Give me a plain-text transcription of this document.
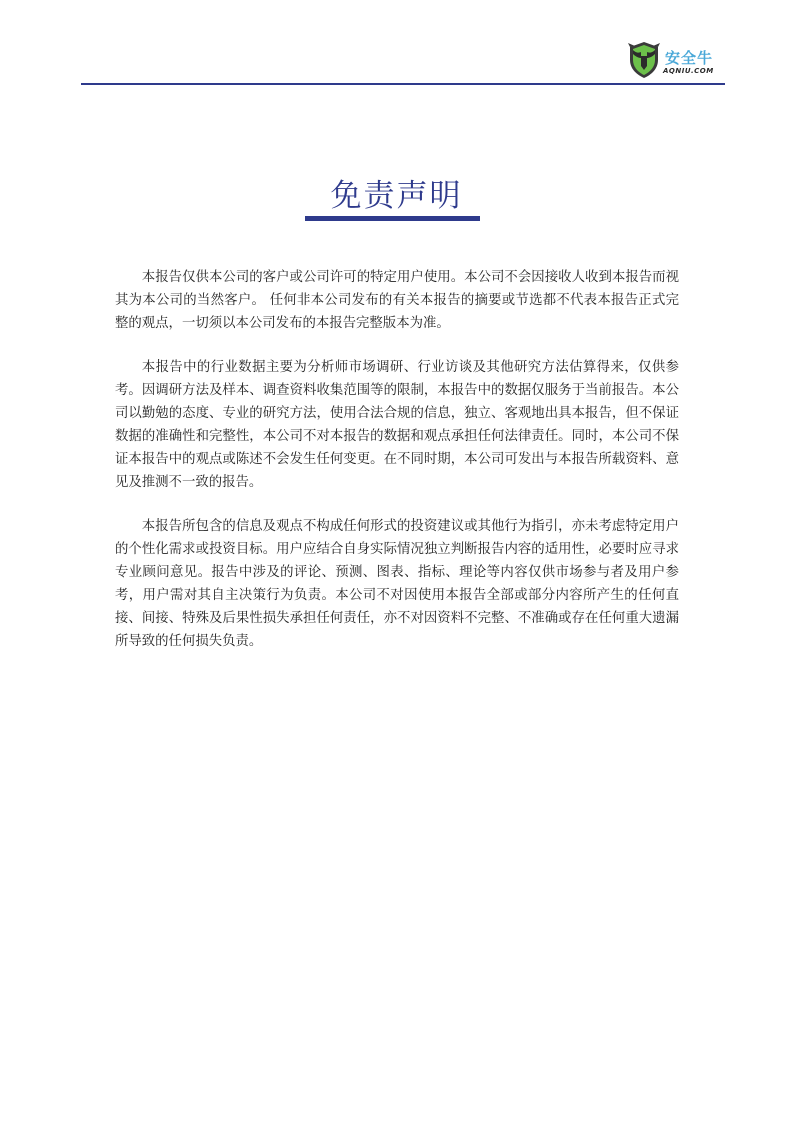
安全牛
AQNIU.COM
免责声明

本报告仅供本公司的客户或公司许可的特定用户使用。本公司不会因接收人收到本报告而视其为本公司的当然客户。 任何非本公司发布的有关本报告的摘要或节选都不代表本报告正式完整的观点，一切须以本公司发布的本报告完整版本为准。

本报告中的行业数据主要为分析师市场调研、行业访谈及其他研究方法估算得来，仅供参考。因调研方法及样本、调查资料收集范围等的限制，本报告中的数据仅服务于当前报告。本公司以勤勉的态度、专业的研究方法，使用合法合规的信息，独立、客观地出具本报告，但不保证数据的准确性和完整性，本公司不对本报告的数据和观点承担任何法律责任。同时，本公司不保证本报告中的观点或陈述不会发生任何变更。在不同时期，本公司可发出与本报告所载资料、意见及推测不一致的报告。

本报告所包含的信息及观点不构成任何形式的投资建议或其他行为指引，亦未考虑特定用户的个性化需求或投资目标。用户应结合自身实际情况独立判断报告内容的适用性，必要时应寻求专业顾问意见。报告中涉及的评论、预测、图表、指标、理论等内容仅供市场参与者及用户参考，用户需对其自主决策行为负责。本公司不对因使用本报告全部或部分内容所产生的任何直接、间接、特殊及后果性损失承担任何责任，亦不对因资料不完整、不准确或存在任何重大遗漏所导致的任何损失负责。
